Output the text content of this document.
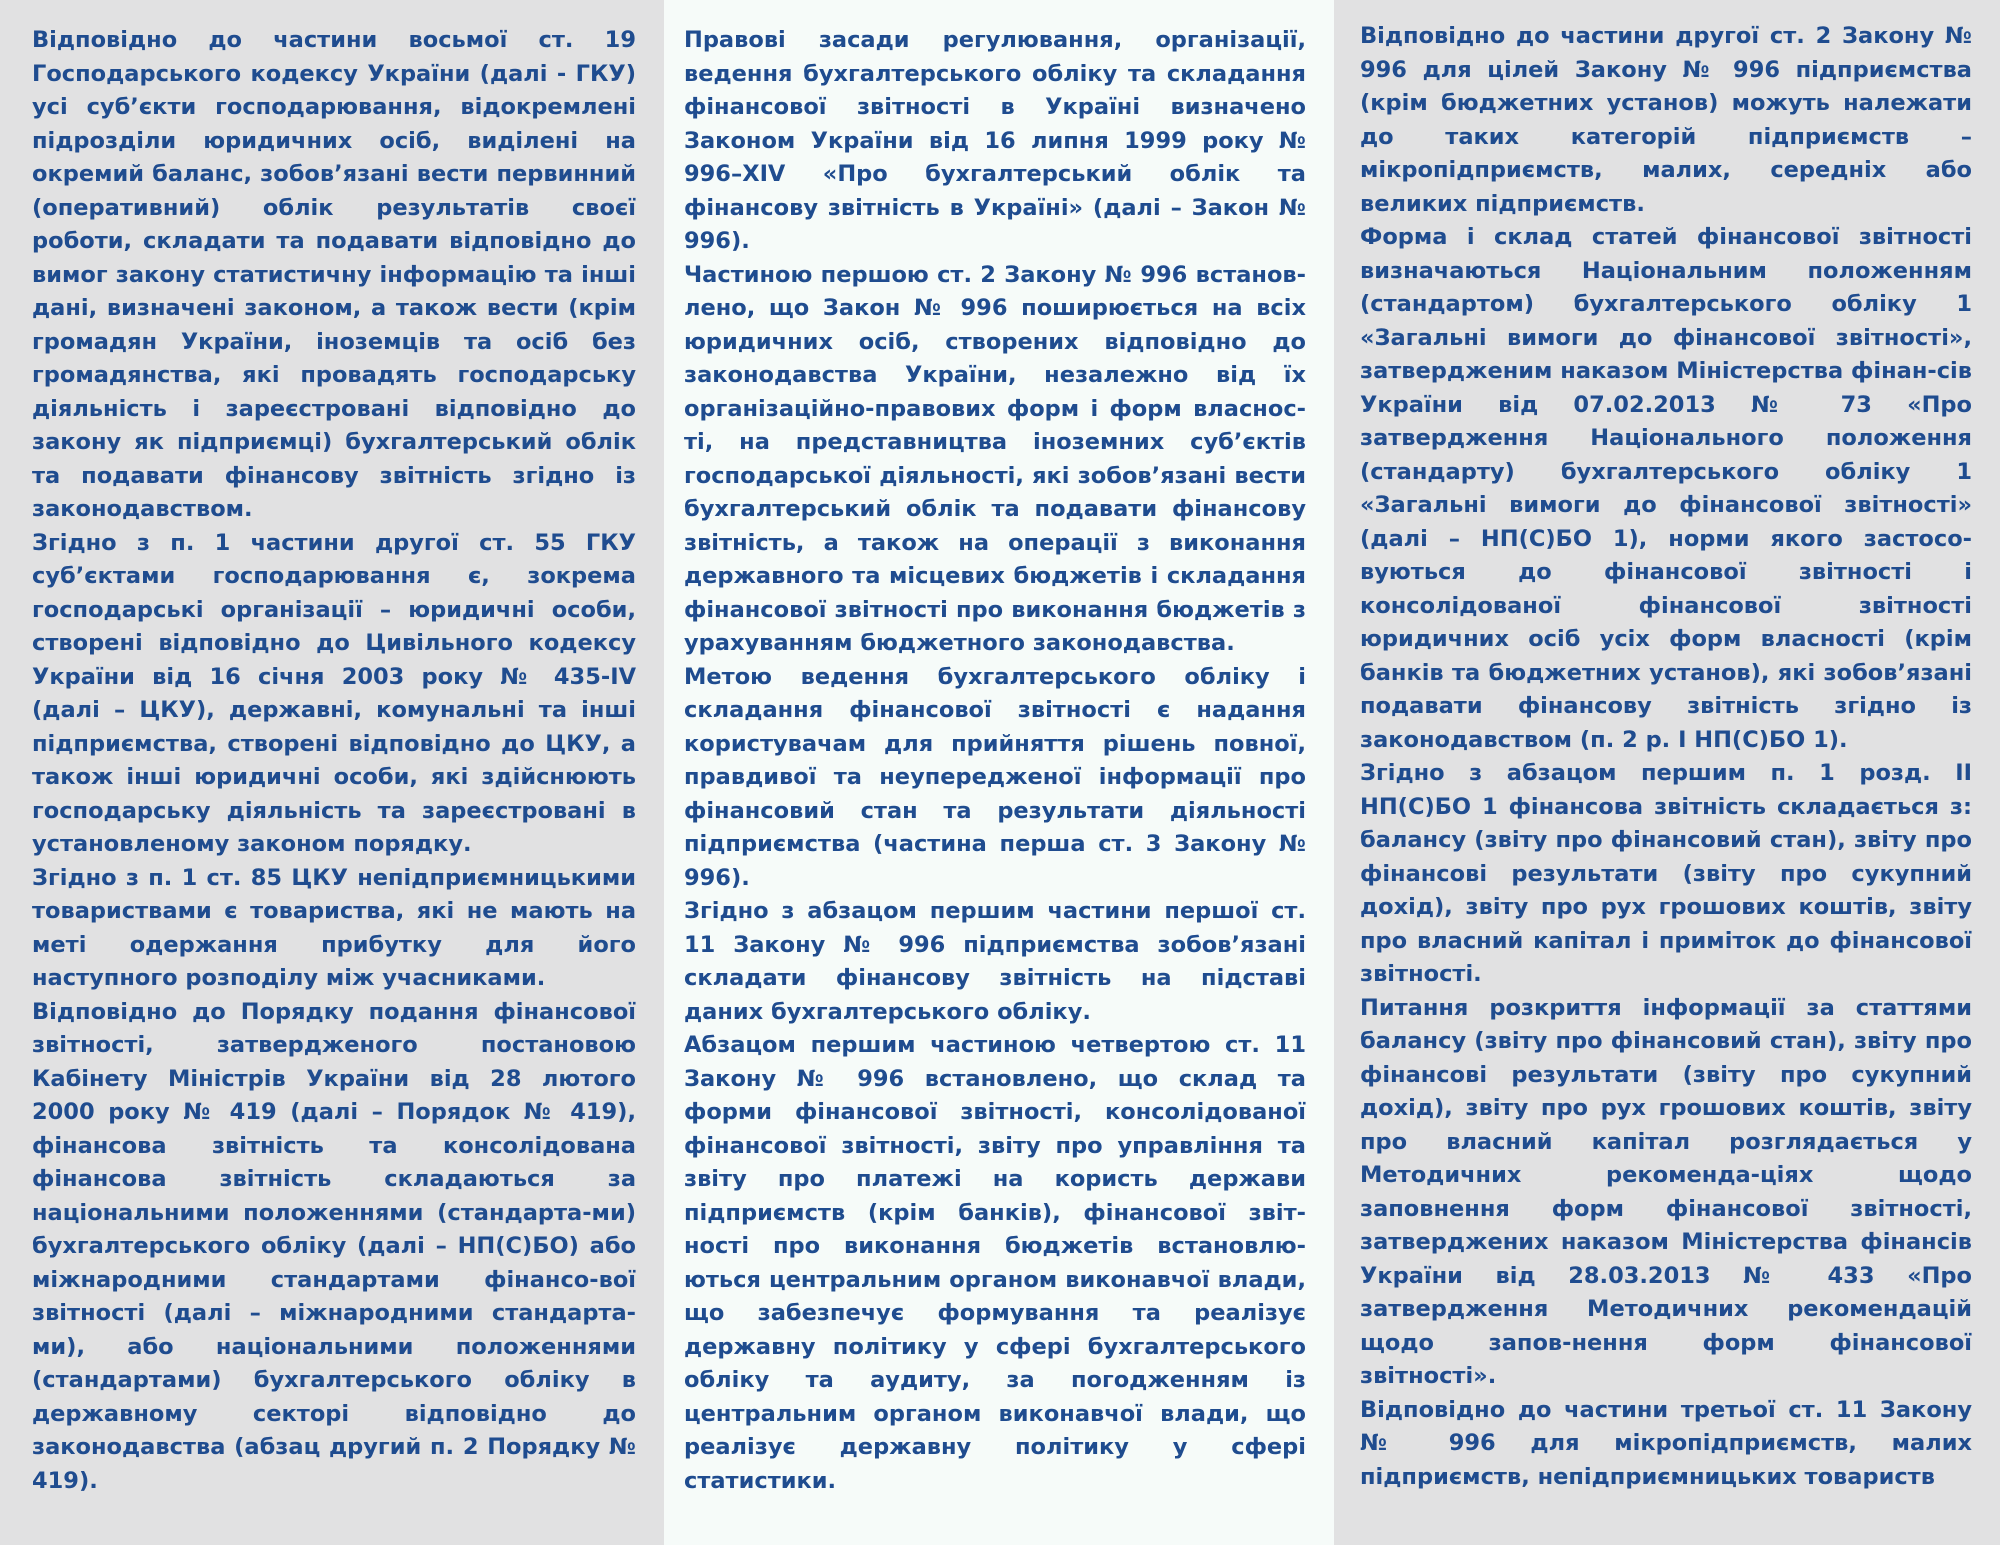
Відповідно до частини восьмої ст. 19 Господарського кодексу України (далі - ГКУ) усі суб’єкти господарювання, відокремлені підрозділи юридичних осіб, виділені на окремий баланс, зобов’язані вести первинний (оперативний) облік результатів своєї роботи, складати та подавати відповідно до вимог закону статистичну інформацію та інші дані, визначені законом, а також вести (крім громадян України, іноземців та осіб без громадянства, які провадять господарську діяльність і зареєстровані відповідно до закону як підприємці) бухгалтерський облік та подавати фінансову звітність згідно із законодавством.

Згідно з п. 1 частини другої ст. 55 ГКУ суб’єктами господарювання є, зокрема господарські організації – юридичні особи, створені відповідно до Цивільного кодексу України від 16 січня 2003 року № 435-IV (далі – ЦКУ), державні, комунальні та інші підприємства, створені відповідно до ЦКУ, а також інші юридичні особи, які здійснюють господарську діяльність та зареєстровані в установленому законом порядку.

Згідно з п. 1 ст. 85 ЦКУ непідприємницькими товариствами є товариства, які не мають на меті одержання прибутку для його наступного розподілу між учасниками.

Відповідно до Порядку подання фінансової звітності, затвердженого постановою Кабінету Міністрів України від 28 лютого 2000 року № 419 (далі – Порядок № 419), фінансова звітність та консолідована фінансова звітність складаються за національними положеннями (стандарта-ми) бухгалтерського обліку (далі – НП(С)БО) або міжнародними стандартами фінансо-вої звітності (далі – міжнародними стандарта-ми), або національними положеннями (стандартами) бухгалтерського обліку в державному секторі відповідно до законодавства (абзац другий п. 2 Порядку № 419).

Правові засади регулювання, організації, ведення бухгалтерського обліку та складання фінансової звітності в Україні визначено Законом України від 16 липня 1999 року № 996–XIV «Про бухгалтерський облік та фінансову звітність в Україні» (далі – Закон № 996).

Частиною першою ст. 2 Закону № 996 встанов-лено, що Закон № 996 поширюється на всіх юридичних осіб, створених відповідно до законодавства України, незалежно від їх організаційно-правових форм і форм власнос-ті, на представництва іноземних суб’єктів господарської діяльності, які зобов’язані вести бухгалтерський облік та подавати фінансову звітність, а також на операції з виконання державного та місцевих бюджетів і складання фінансової звітності про виконання бюджетів з урахуванням бюджетного законодавства.

Метою ведення бухгалтерського обліку і складання фінансової звітності є надання користувачам для прийняття рішень повної, правдивої та неупередженої інформації про фінансовий стан та результати діяльності підприємства (частина перша ст. 3 Закону № 996).

Згідно з абзацом першим частини першої ст. 11 Закону № 996 підприємства зобов’язані складати фінансову звітність на підставі даних бухгалтерського обліку.

Абзацом першим частиною четвертою ст. 11 Закону № 996 встановлено, що склад та форми фінансової звітності, консолідованої фінансової звітності, звіту про управління та звіту про платежі на користь держави підприємств (крім банків), фінансової звіт-ності про виконання бюджетів встановлю-ються центральним органом виконавчої влади, що забезпечує формування та реалізує державну політику у сфері бухгалтерського обліку та аудиту, за погодженням із центральним органом виконавчої влади, що реалізує державну політику у сфері статистики.

Відповідно до частини другої ст. 2 Закону № 996 для цілей Закону № 996 підприємства (крім бюджетних установ) можуть належати до таких категорій підприємств – мікропідприємств, малих, середніх або великих підприємств.

Форма і склад статей фінансової звітності визначаються Національним положенням (стандартом) бухгалтерського обліку 1 «Загальні вимоги до фінансової звітності», затвердженим наказом Міністерства фінан-сів України від 07.02.2013 № 73 «Про затвердження Національного положення (стандарту) бухгалтерського обліку 1 «Загальні вимоги до фінансової звітності» (далі – НП(С)БО 1), норми якого застосо-вуються до фінансової звітності і консолідованої фінансової звітності юридичних осіб усіх форм власності (крім банків та бюджетних установ), які зобов’язані подавати фінансову звітність згідно із законодавством (п. 2 р. І НП(С)БО 1).

Згідно з абзацом першим п. 1 розд. ІІ НП(С)БО 1 фінансова звітність складається з: балансу (звіту про фінансовий стан), звіту про фінансові результати (звіту про сукупний дохід), звіту про рух грошових коштів, звіту про власний капітал і приміток до фінансової звітності.

Питання розкриття інформації за статтями балансу (звіту про фінансовий стан), звіту про фінансові результати (звіту про сукупний дохід), звіту про рух грошових коштів, звіту про власний капітал розглядається у Методичних рекоменда-ціях щодо заповнення форм фінансової звітності, затверджених наказом Міністерства фінансів України від 28.03.2013 № 433 «Про затвердження Методичних рекомендацій щодо запов-нення форм фінансової звітності».

Відповідно до частини третьої ст. 11 Закону № 996 для мікропідприємств, малих підприємств, непідприємницьких товариств
